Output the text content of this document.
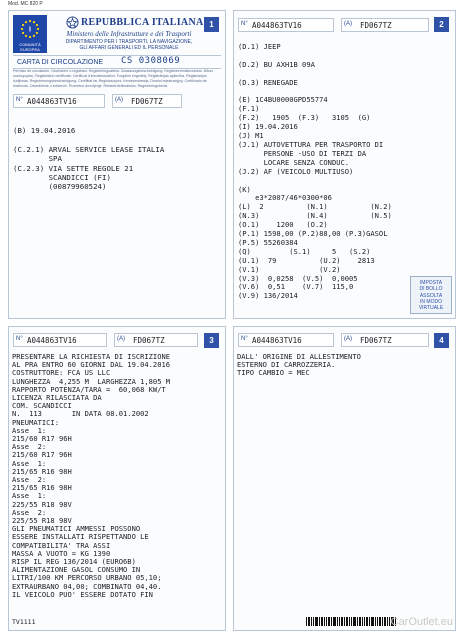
Mod. MC 820 P
I
COMUNITÀ EUROPEA
REPUBBLICA ITALIANA
Ministero delle Infrastrutture e dei Trasporti
DIPARTIMENTO PER I TRASPORTI, LA NAVIGAZIONE,
GLI AFFARI GENERALI ED IL PERSONALE
CARTA DI CIRCOLAZIONE CS 0308069
Permiso de circulación. Osvědčení o registraci. Registreringsattest. Zulassungsbescheinigung. Registreerimistunnistus. Άδεια κυκλοφορίας. Registration certificate. Certificat d'immatriculation. Forgalmi engedély. Reģistrācijas apliecība. Registracijos liudijimas. Registrierungsbescheinigung. Certifikat tar-Registrazzjoni. Kentekenbewijs. Dowód rejestracyjny. Certificado de matrícula. Osvedčenie o evidencii. Prometno dovoljenje. Rekisteröintitodistus. Registreringsbevis.
N° A044863TV16	(A) FD067TZ
(B) 19.04.2016

(C.2.1) ARVAL SERVICE LEASE ITALIA
SPA
(C.2.3) VIA SETTE REGOLE 21
SCANDICCI (FI)
(00879960524)
1	N° A044863TV16	(A) FD067TZ	2
(D.1) JEEP

(D.2) BU AXH1B 09A

(D.3) RENEGADE

(E) 1C4BU0000GPD55774
(F.1)
(F.2)   1905  (F.3)   3105  (G)
(I) 19.04.2016
(J) M1
(J.1) AUTOVETTURA PER TRASPORTO DI
PERSONE -USO DI TERZI DA
LOCARE SENZA CONDUC.
(J.2) AF (VEICOLO MULTIUSO)

(K)
e3*2007/46*0300*06
(L)  2          (N.1)          (N.2)
(N.3)           (N.4)          (N.5)
(O.1)    1200   (O.2)
(P.1) 1598,00 (P.2)88,00 (P.3)GASOL
(P.5) 55260384
(Q)         (S.1)     5   (S.2)
(U.1)  79          (U.2)    2813
(V.1)              (V.2)
(V.3)  0,0258  (V.5)  0,0005
(V.6)  0,51    (V.7)  115,0
(V.9) 136/2014
IMPOSTA
DI BOLLO
ASSOLTA
IN MODO
VIRTUALE
N° A044863TV16	(A) FD067TZ	3
PRESENTARE LA RICHIESTA DI ISCRIZIONE
AL PRA ENTRO 60 GIORNI DAL 19.04.2016
COSTRUTTORE: FCA US LLC
LUNGHEZZA  4,255 M  LARGHEZZA 1,805 M
RAPPORTO POTENZA/TARA =  60,068 KW/T
LICENZA RILASCIATA DA
COM. SCANDICCI
N.  113       IN DATA 08.01.2002
PNEUMATICI:
Asse  1:
215/60 R17 96H
Asse  2:
215/60 R17 96H
Asse  1:
215/65 R16 98H
Asse  2:
215/65 R16 98H
Asse  1:
225/55 R18 98V
Asse  2:
225/55 R18 98V
GLI PNEUMATICI AMMESSI POSSONO
ESSERE INSTALLATI RISPETTANDO LE
COMPATIBILITA' TRA ASSI
MASSA A VUOTO = KG 1390
RISP IL REG 136/2014 (EURO6B)
ALIMENTAZIONE GASOL CONSUMO IN
LITRI/100 KM PERCORSO URBANO 05,10;
EXTRAURBANO 04,00; COMBINATO 04,40.
IL VEICOLO PUO' ESSERE DOTATO FIN
TV1111
N° A044863TV16	(A) FD067TZ	4
DALL' ORIGINE DI ALLESTIMENTO
ESTERNO DI CARROZZERIA.
TIPO CAMBIO = MEC
CarOutlet.eu
